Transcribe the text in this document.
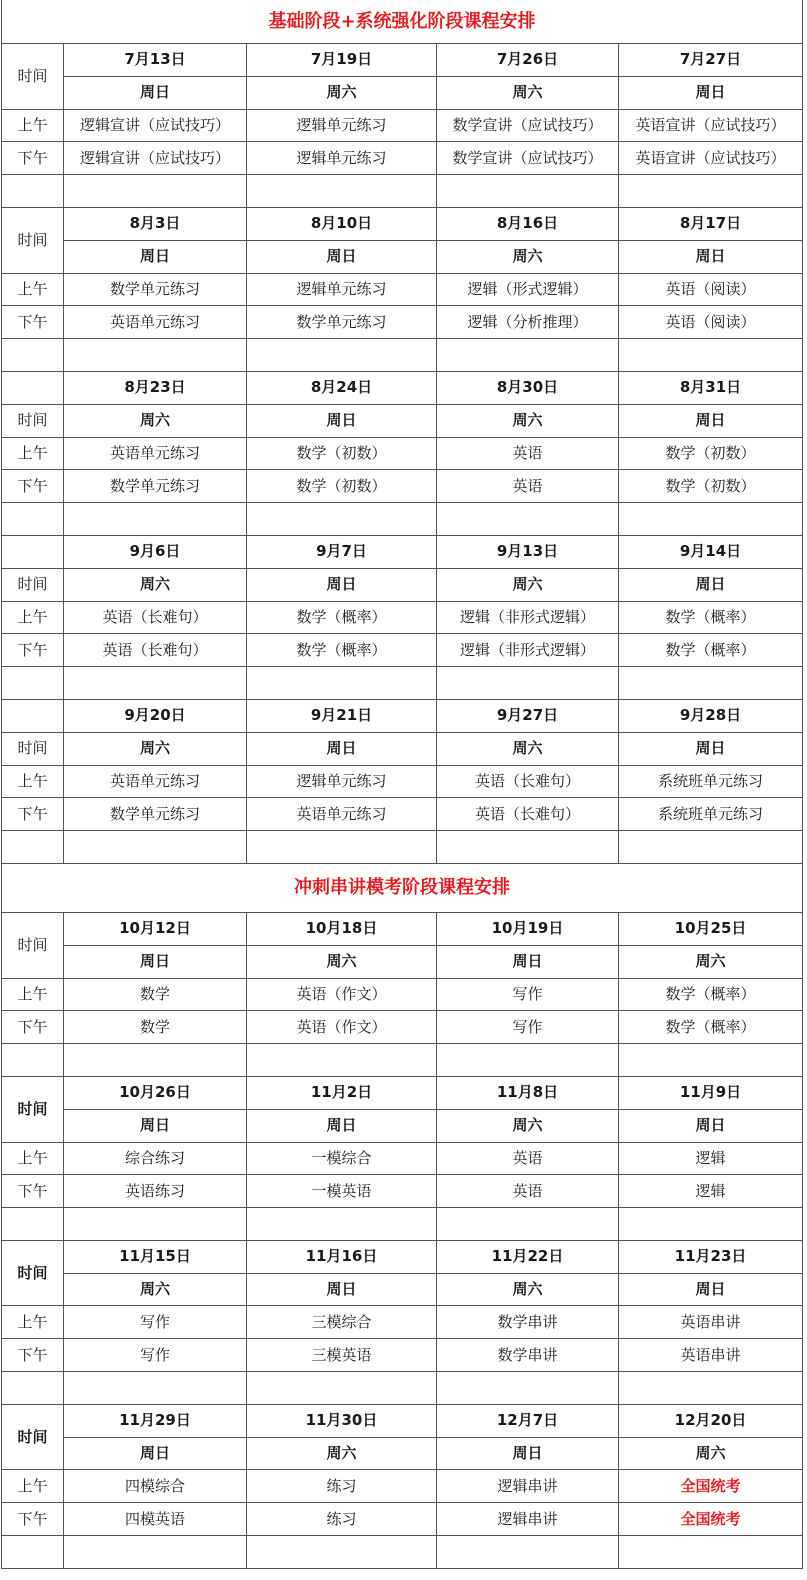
基础阶段+系统强化阶段课程安排				
时间	7月13日	7月19日	7月26日	7月27日
	周日	周六	周六	周日
上午	逻辑宣讲（应试技巧）	逻辑单元练习	数学宣讲（应试技巧）	英语宣讲（应试技巧）
下午	逻辑宣讲（应试技巧）	逻辑单元练习	数学宣讲（应试技巧）	英语宣讲（应试技巧）

时间	8月3日	8月10日	8月16日	8月17日
	周日	周日	周六	周日
上午	数学单元练习	逻辑单元练习	逻辑（形式逻辑）	英语（阅读）
下午	英语单元练习	数学单元练习	逻辑（分析推理）	英语（阅读）

	8月23日	8月24日	8月30日	8月31日
时间	周六	周日	周六	周日
上午	英语单元练习	数学（初数）	英语	数学（初数）
下午	数学单元练习	数学（初数）	英语	数学（初数）

	9月6日	9月7日	9月13日	9月14日
时间	周六	周日	周六	周日
上午	英语（长难句）	数学（概率）	逻辑（非形式逻辑）	数学（概率）
下午	英语（长难句）	数学（概率）	逻辑（非形式逻辑）	数学（概率）

	9月20日	9月21日	9月27日	9月28日
时间	周六	周日	周六	周日
上午	英语单元练习	逻辑单元练习	英语（长难句）	系统班单元练习
下午	数学单元练习	英语单元练习	英语（长难句）	系统班单元练习

冲刺串讲模考阶段课程安排				
时间	10月12日	10月18日	10月19日	10月25日
	周日	周六	周日	周六
上午	数学	英语（作文）	写作	数学（概率）
下午	数学	英语（作文）	写作	数学（概率）

时间	10月26日	11月2日	11月8日	11月9日
	周日	周日	周六	周日
上午	综合练习	一模综合	英语	逻辑
下午	英语练习	一模英语	英语	逻辑

时间	11月15日	11月16日	11月22日	11月23日
	周六	周日	周六	周日
上午	写作	三模综合	数学串讲	英语串讲
下午	写作	三模英语	数学串讲	英语串讲

时间	11月29日	11月30日	12月7日	12月20日
	周日	周六	周日	周六
上午	四模综合	练习	逻辑串讲	全国统考
下午	四模英语	练习	逻辑串讲	全国统考
